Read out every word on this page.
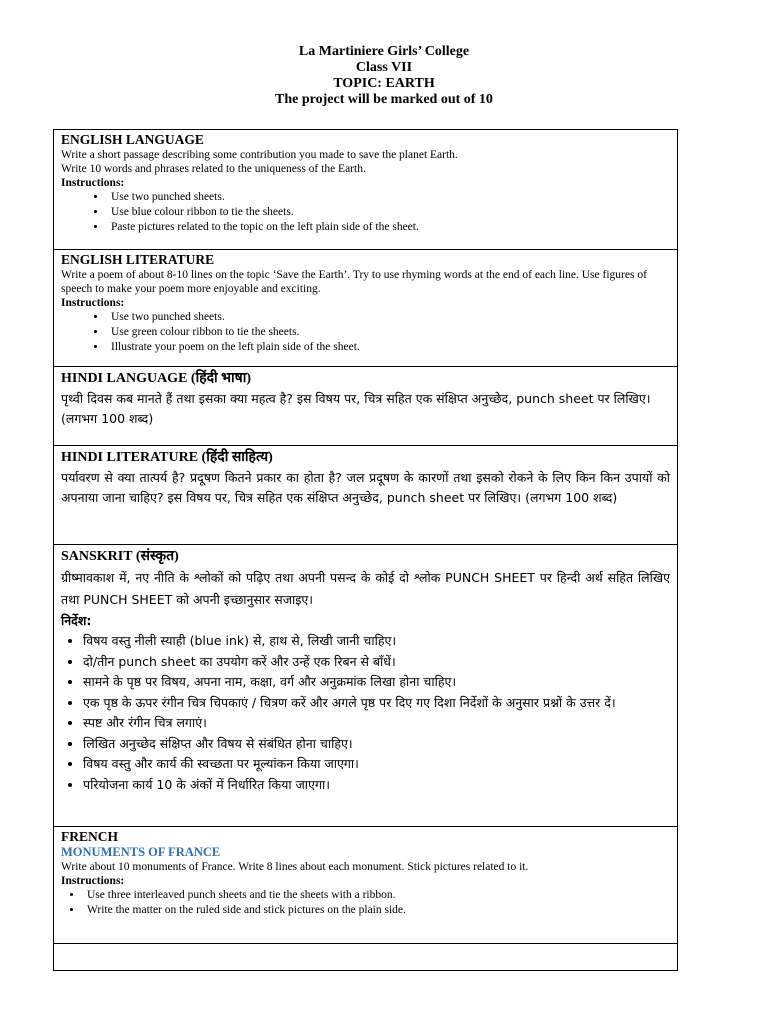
La Martiniere Girls’ College
Class VII
TOPIC: EARTH
The project will be marked out of 10
ENGLISH LANGUAGE
Write a short passage describing some contribution you made to save the planet Earth.
Write 10 words and phrases related to the uniqueness of the Earth.
Instructions:
• Use two punched sheets.
• Use blue colour ribbon to tie the sheets.
• Paste pictures related to the topic on the left plain side of the sheet.

ENGLISH LITERATURE
Write a poem of about 8-10 lines on the topic ‘Save the Earth’. Try to use rhyming words at the end of each line. Use figures of speech to make your poem more enjoyable and exciting.
Instructions:
• Use two punched sheets.
• Use green colour ribbon to tie the sheets.
• Illustrate your poem on the left plain side of the sheet.

HINDI LANGUAGE (हिंदी भाषा)
पृथ्वी दिवस कब मानते हैं तथा इसका क्या महत्व है? इस विषय पर, चित्र सहित एक संक्षिप्त अनुच्छेद, punch sheet पर लिखिए। (लगभग 100 शब्द)

HINDI LITERATURE (हिंदी साहित्य)
पर्यावरण से क्या तात्पर्य है? प्रदूषण कितने प्रकार का होता है? जल प्रदूषण के कारणों तथा इसको रोकने के लिए किन किन उपायों को अपनाया जाना चाहिए? इस विषय पर, चित्र सहित एक संक्षिप्त अनुच्छेद, punch sheet पर लिखिए। (लगभग 100 शब्द)

SANSKRIT (संस्कृत)
ग्रीष्मावकाश में, नए नीति के श्लोकों को पढ़िए तथा अपनी पसन्द के कोई दो श्लोक PUNCH SHEET पर हिन्दी अर्थ सहित लिखिए तथा PUNCH SHEET को अपनी इच्छानुसार सजाइए।
निर्देश:
• विषय वस्तु नीली स्याही (blue ink) से, हाथ से, लिखी जानी चाहिए।
• दो/तीन punch sheet का उपयोग करें और उन्हें एक रिबन से बाँधें।
• सामने के पृष्ठ पर विषय, अपना नाम, कक्षा, वर्ग और अनुक्रमांक लिखा होना चाहिए।
• एक पृष्ठ के ऊपर रंगीन चित्र चिपकाएं / चित्रण करें और अगले पृष्ठ पर दिए गए दिशा निर्देशों के अनुसार प्रश्नों के उत्तर दें।
• स्पष्ट और रंगीन चित्र लगाएं।
• लिखित अनुच्छेद संक्षिप्त और विषय से संबंधित होना चाहिए।
• विषय वस्तु और कार्य की स्वच्छता पर मूल्यांकन किया जाएगा।
• परियोजना कार्य 10 के अंकों में निर्धारित किया जाएगा।

FRENCH
MONUMENTS OF FRANCE
Write about 10 monuments of France. Write 8 lines about each monument. Stick pictures related to it.
Instructions:
• Use three interleaved punch sheets and tie the sheets with a ribbon.
• Write the matter on the ruled side and stick pictures on the plain side.
